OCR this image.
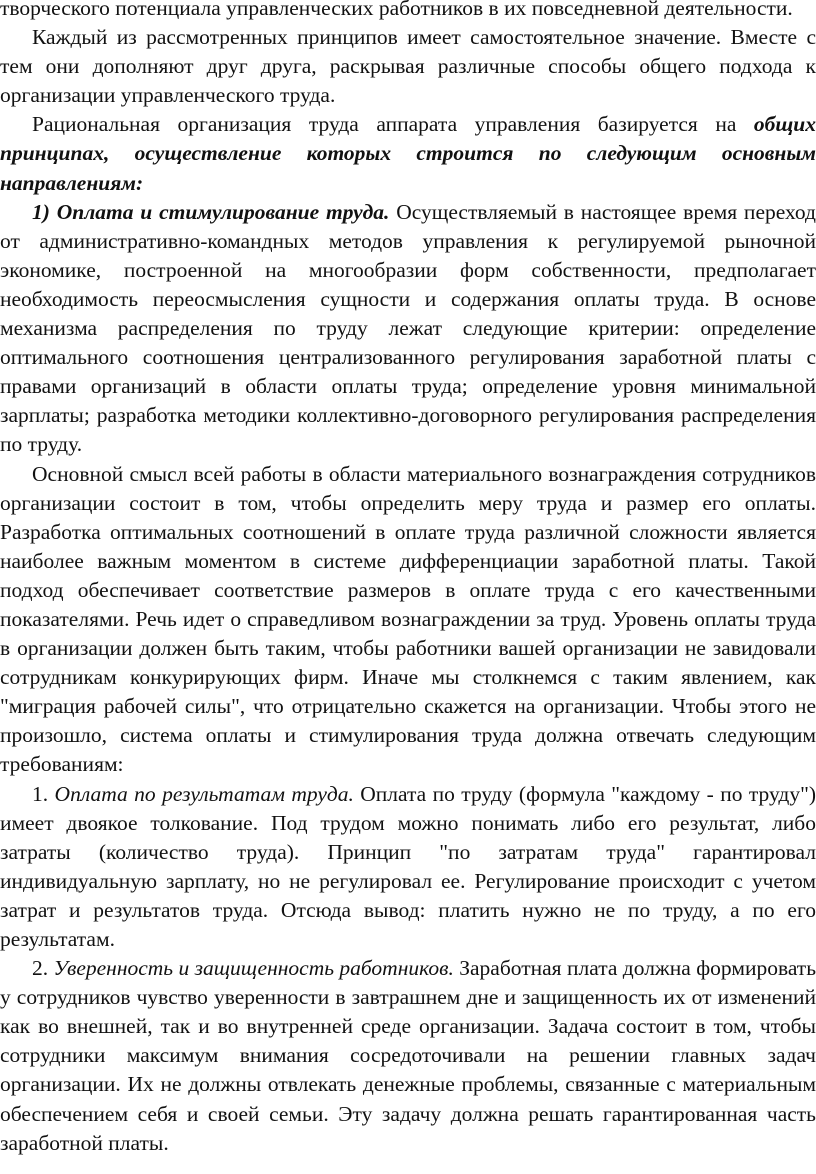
творческого потенциала управленческих работников в их повседневной деятельности.

Каждый из рассмотренных принципов имеет самостоятельное значение. Вместе с тем они дополняют друг друга, раскрывая различные способы общего подхода к организации управленческого труда.

Рациональная организация труда аппарата управления базируется на общих принципах, осуществление которых строится по следующим основным направлениям:

1) Оплата и стимулирование труда. Осуществляемый в настоящее время переход от административно-командных методов управления к регулируемой рыночной экономике, построенной на многообразии форм собственности, предполагает необходимость переосмысления сущности и содержания оплаты труда. В основе механизма распределения по труду лежат следующие критерии: определение оптимального соотношения централизованного регулирования заработной платы с правами организаций в области оплаты труда; определение уровня минимальной зарплаты; разработка методики коллективно-договорного регулирования распределения по труду.

Основной смысл всей работы в области материального вознаграждения сотрудников организации состоит в том, чтобы определить меру труда и размер его оплаты. Разработка оптимальных соотношений в оплате труда различной сложности является наиболее важным моментом в системе дифференциации заработной платы. Такой подход обеспечивает соответствие размеров в оплате труда с его качественными показателями. Речь идет о справедливом вознаграждении за труд. Уровень оплаты труда в организации должен быть таким, чтобы работники вашей организации не завидовали сотрудникам конкурирующих фирм. Иначе мы столкнемся с таким явлением, как "миграция рабочей силы", что отрицательно скажется на организации. Чтобы этого не произошло, система оплаты и стимулирования труда должна отвечать следующим требованиям:

1. Оплата по результатам труда. Оплата по труду (формула "каждому - по труду") имеет двоякое толкование. Под трудом можно понимать либо его результат, либо затраты (количество труда). Принцип "по затратам труда" гарантировал индивидуальную зарплату, но не регулировал ее. Регулирование происходит с учетом затрат и результатов труда. Отсюда вывод: платить нужно не по труду, а по его результатам.

2. Уверенность и защищенность работников. Заработная плата должна формировать у сотрудников чувство уверенности в завтрашнем дне и защищенность их от изменений как во внешней, так и во внутренней среде организации. Задача состоит в том, чтобы сотрудники максимум внимания сосредоточивали на решении главных задач организации. Их не должны отвлекать денежные проблемы, связанные с материальным обеспечением себя и своей семьи. Эту задачу должна решать гарантированная часть заработной платы.
